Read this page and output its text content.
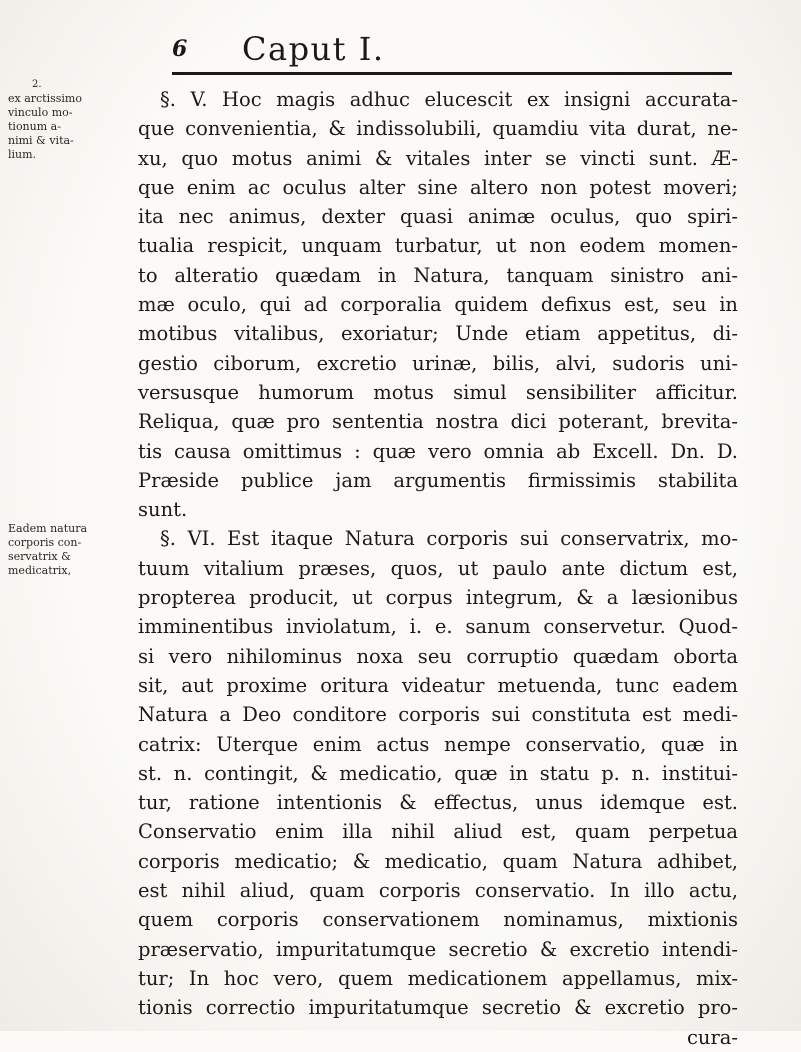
6 Caput I.
2.
ex arctissimo
vinculo mo-
tionum a-
nimi & vita-
lium.
Eadem natura
corporis con-
servatrix &
medicatrix,
§. V. Hoc magis adhuc elucescit ex insigni accurata-
que convenientia, & indissolubili, quamdiu vita durat, ne-
xu, quo motus animi & vitales inter se vincti sunt. Æ-
que enim ac oculus alter sine altero non potest moveri;
ita nec animus, dexter quasi animæ oculus, quo spiri-
tualia respicit, unquam turbatur, ut non eodem momen-
to alteratio quædam in Natura, tanquam sinistro ani-
mæ oculo, qui ad corporalia quidem defixus est, seu in
motibus vitalibus, exoriatur; Unde etiam appetitus, di-
gestio ciborum, excretio urinæ, bilis, alvi, sudoris uni-
versusque humorum motus simul sensibiliter afficitur.
Reliqua, quæ pro sententia nostra dici poterant, brevita-
tis causa omittimus : quæ vero omnia ab Excell. Dn. D.
Præside publice jam argumentis firmissimis stabilita
sunt.
§. VI. Est itaque Natura corporis sui conservatrix, mo-
tuum vitalium præses, quos, ut paulo ante dictum est,
propterea producit, ut corpus integrum, & a læsionibus
imminentibus inviolatum, i. e. sanum conservetur. Quod-
si vero nihilominus noxa seu corruptio quædam oborta
sit, aut proxime oritura videatur metuenda, tunc eadem
Natura a Deo conditore corporis sui constituta est medi-
catrix: Uterque enim actus nempe conservatio, quæ in
st. n. contingit, & medicatio, quæ in statu p. n. institui-
tur, ratione intentionis & effectus, unus idemque est.
Conservatio enim illa nihil aliud est, quam perpetua
corporis medicatio; & medicatio, quam Natura adhibet,
est nihil aliud, quam corporis conservatio. In illo actu,
quem corporis conservationem nominamus, mixtionis
præservatio, impuritatumque secretio & excretio intendi-
tur; In hoc vero, quem medicationem appellamus, mix-
tionis correctio impuritatumque secretio & excretio pro-
cura-
